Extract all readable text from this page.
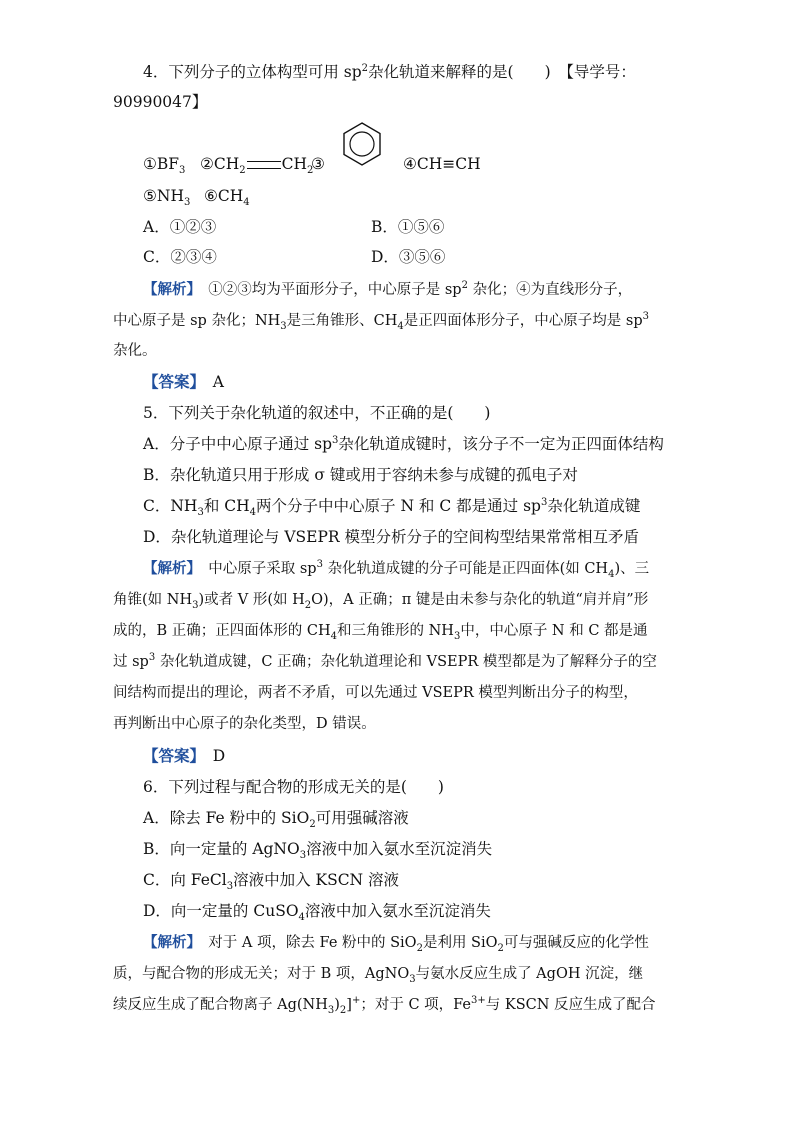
4．下列分子的立体构型可用 $sp^2$杂化轨道来解释的是(　　)　【导学号：
90990047】
$①BF_3$ $②CH_2$ $CH_2$
③	④CH≡CH
$⑤NH_3$ $⑥CH_4$
A．①②③	B．①⑤⑥
C．②③④	D．③⑤⑥
【解析】　①②③均为平面形分子，中心原子是 $sp^2$ 杂化；④为直线形分子，
中心原子是 sp 杂化；$NH_3$是三角锥形、$CH_4$是正四面体形分子，中心原子均是 $sp^3$
杂化。
【答案】　A
5．下列关于杂化轨道的叙述中，不正确的是(　　)
A．分子中中心原子通过 $sp^3$杂化轨道成键时，该分子不一定为正四面体结构
B．杂化轨道只用于形成 σ 键或用于容纳未参与成键的孤电子对
C．$NH_3$和 $CH_4$两个分子中中心原子 N 和 C 都是通过 $sp^3$杂化轨道成键
D．杂化轨道理论与 VSEPR 模型分析分子的空间构型结果常常相互矛盾
【解析】　中心原子采取 $sp^3$ 杂化轨道成键的分子可能是正四面体(如 $CH_4$)、三
角锥(如 $NH_3$)或者 V 形(如 $H_2O$)，A 正确；π 键是由未参与杂化的轨道“肩并肩”形
成的，B 正确；正四面体形的 $CH_4$和三角锥形的 $NH_3$中，中心原子 N 和 C 都是通
过 $sp^3$ 杂化轨道成键，C 正确；杂化轨道理论和 VSEPR 模型都是为了解释分子的空
间结构而提出的理论，两者不矛盾，可以先通过 VSEPR 模型判断出分子的构型，
再判断出中心原子的杂化类型，D 错误。
【答案】　D
6．下列过程与配合物的形成无关的是(　　)
A．除去 Fe 粉中的 SiO$_2$可用强碱溶液
B．向一定量的 AgNO$_3$溶液中加入氨水至沉淀消失
C．向 FeCl$_3$溶液中加入 KSCN 溶液
D．向一定量的 CuSO$_4$溶液中加入氨水至沉淀消失
【解析】　对于 A 项，除去 Fe 粉中的 SiO$_2$是利用 SiO$_2$可与强碱反应的化学性
质，与配合物的形成无关；对于 B 项，AgNO$_3$与氨水反应生成了 AgOH 沉淀，继
续反应生成了配合物离子 $Ag(NH_3)_2]^+$；对于 C 项，$Fe^{3+}$与 KSCN 反应生成了配合
